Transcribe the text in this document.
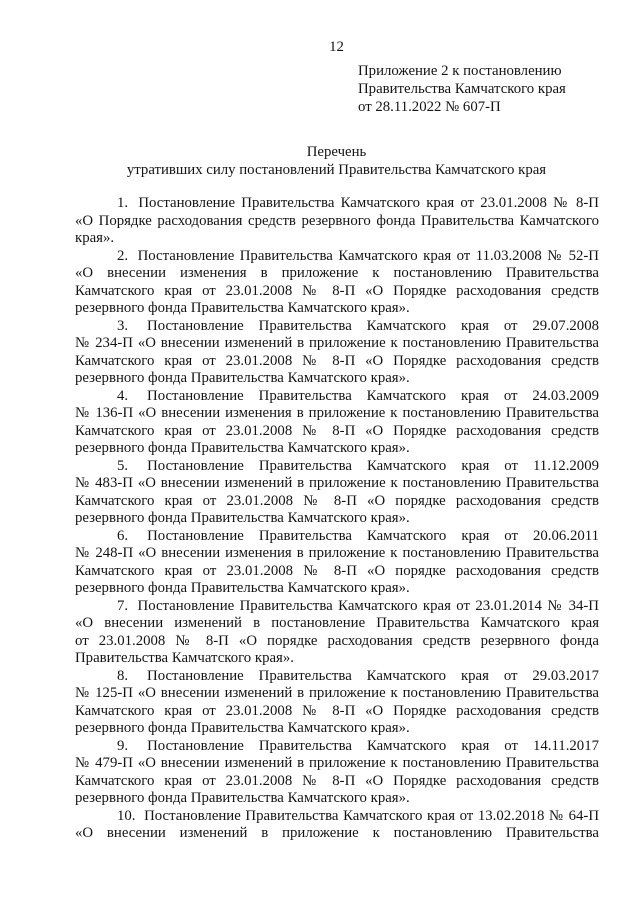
12
Приложение 2 к постановлению
Правительства Камчатского края
от 28.11.2022 № 607-П
Перечень
утративших силу постановлений Правительства Камчатского края
1. Постановление Правительства Камчатского края от 23.01.2008 № 8-П
«О Порядке расходования средств резервного фонда Правительства Камчатского
края».
2. Постановление Правительства Камчатского края от 11.03.2008 № 52-П
«О внесении изменения в приложение к постановлению Правительства
Камчатского края от 23.01.2008 № 8-П «О Порядке расходования средств
резервного фонда Правительства Камчатского края».
3. Постановление Правительства Камчатского края от 29.07.2008
№ 234-П «О внесении изменений в приложение к постановлению Правительства
Камчатского края от 23.01.2008 № 8-П «О Порядке расходования средств
резервного фонда Правительства Камчатского края».
4. Постановление Правительства Камчатского края от 24.03.2009
№ 136-П «О внесении изменения в приложение к постановлению Правительства
Камчатского края от 23.01.2008 № 8-П «О Порядке расходования средств
резервного фонда Правительства Камчатского края».
5. Постановление Правительства Камчатского края от 11.12.2009
№ 483-П «О внесении изменений в приложение к постановлению Правительства
Камчатского края от 23.01.2008 № 8-П «О порядке расходования средств
резервного фонда Правительства Камчатского края».
6. Постановление Правительства Камчатского края от 20.06.2011
№ 248-П «О внесении изменения в приложение к постановлению Правительства
Камчатского края от 23.01.2008 № 8-П «О порядке расходования средств
резервного фонда Правительства Камчатского края».
7. Постановление Правительства Камчатского края от 23.01.2014 № 34-П
«О внесении изменений в постановление Правительства Камчатского края
от 23.01.2008 № 8-П «О порядке расходования средств резервного фонда
Правительства Камчатского края».
8. Постановление Правительства Камчатского края от 29.03.2017
№ 125-П «О внесении изменений в приложение к постановлению Правительства
Камчатского края от 23.01.2008 № 8-П «О Порядке расходования средств
резервного фонда Правительства Камчатского края».
9. Постановление Правительства Камчатского края от 14.11.2017
№ 479-П «О внесении изменений в приложение к постановлению Правительства
Камчатского края от 23.01.2008 № 8-П «О Порядке расходования средств
резервного фонда Правительства Камчатского края».
10. Постановление Правительства Камчатского края от 13.02.2018 № 64-П
«О внесении изменений в приложение к постановлению Правительства
